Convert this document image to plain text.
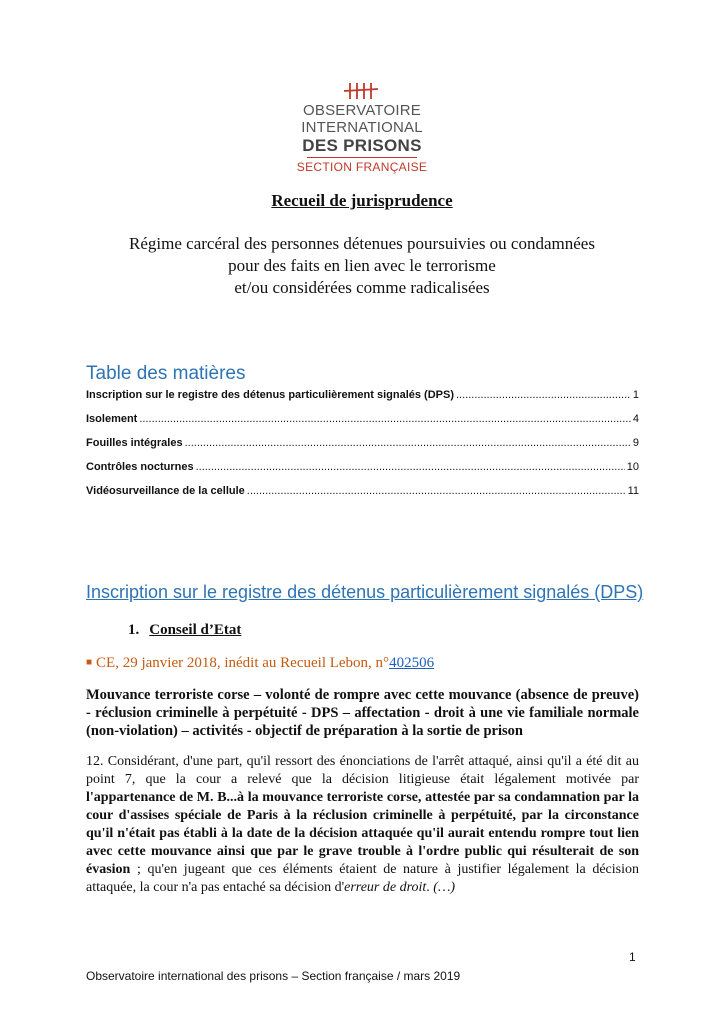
OBSERVATOIRE INTERNATIONAL
DES PRISONS
SECTION FRANÇAISE
Recueil de jurisprudence
Régime carcéral des personnes détenues poursuivies ou condamnées
pour des faits en lien avec le terrorisme
et/ou considérées comme radicalisées
Table des matières
Inscription sur le registre des détenus particulièrement signalés (DPS) .....	1
Isolement .....	4
Fouilles intégrales .....	9
Contrôles nocturnes .....	10
Vidéosurveillance de la cellule .....	11
Inscription sur le registre des détenus particulièrement signalés (DPS)
1. Conseil d’Etat
■ CE, 29 janvier 2018, inédit au Recueil Lebon, n°402506
Mouvance terroriste corse – volonté de rompre avec cette mouvance (absence de preuve) - réclusion criminelle à perpétuité - DPS – affectation - droit à une vie familiale normale (non-violation) – activités - objectif de préparation à la sortie de prison
12. Considérant, d'une part, qu'il ressort des énonciations de l'arrêt attaqué, ainsi qu'il a été dit au point 7, que la cour a relevé que la décision litigieuse était légalement motivée par l'appartenance de M. B...à la mouvance terroriste corse, attestée par sa condamnation par la cour d'assises spéciale de Paris à la réclusion criminelle à perpétuité, par la circonstance qu'il n'était pas établi à la date de la décision attaquée qu'il aurait entendu rompre tout lien avec cette mouvance ainsi que par le grave trouble à l'ordre public qui résulterait de son évasion ; qu'en jugeant que ces éléments étaient de nature à justifier légalement la décision attaquée, la cour n'a pas entaché sa décision d'erreur de droit. (…)
1
Observatoire international des prisons – Section française / mars 2019
